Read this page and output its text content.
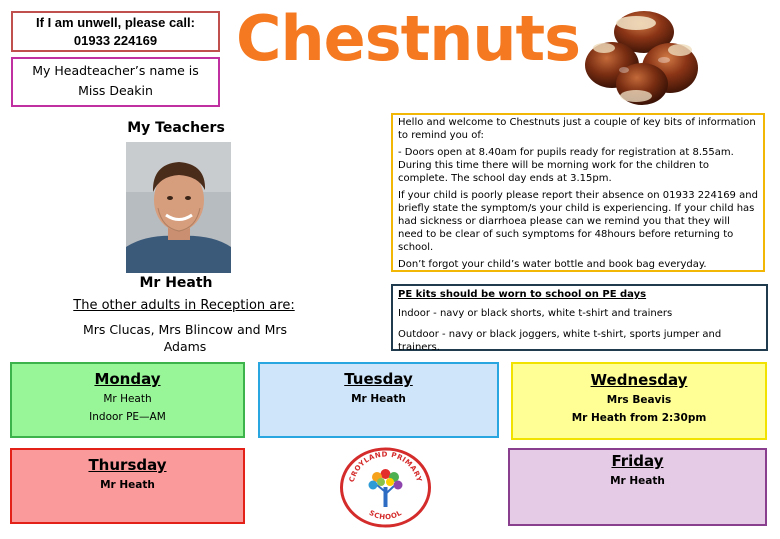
If I am unwell, please call:
01933 224169
My Headteacher’s name is
Miss Deakin
Chestnuts
My Teachers
Mr Heath
The other adults in Reception are:
Mrs Clucas, Mrs Blincow and Mrs Adams

Hello and welcome to Chestnuts just a couple of key bits of information to remind you of:

- Doors open at 8.40am for pupils ready for registration at 8.55am. During this time there will be morning work for the children to complete. The school day ends at 3.15pm.

If your child is poorly please report their absence on 01933 224169 and briefly state the symptom/s your child is experiencing. If your child has had sickness or diarrhoea please can we remind you that they will need to be clear of such symptoms for 48hours before returning to school.

Don’t forgot your child’s water bottle and book bag everyday.

PE kits should be worn to school on PE days
Indoor - navy or black shorts, white t-shirt and trainers
Outdoor - navy or black joggers, white t-shirt, sports jumper and trainers.
Monday
Mr Heath
Indoor PE—AM
Tuesday
Mr Heath
Wednesday
Mrs Beavis
Mr Heath from 2:30pm
Thursday
Mr Heath
Friday
Mr Heath
CROYLAND PRIMARY
SCHOOL
